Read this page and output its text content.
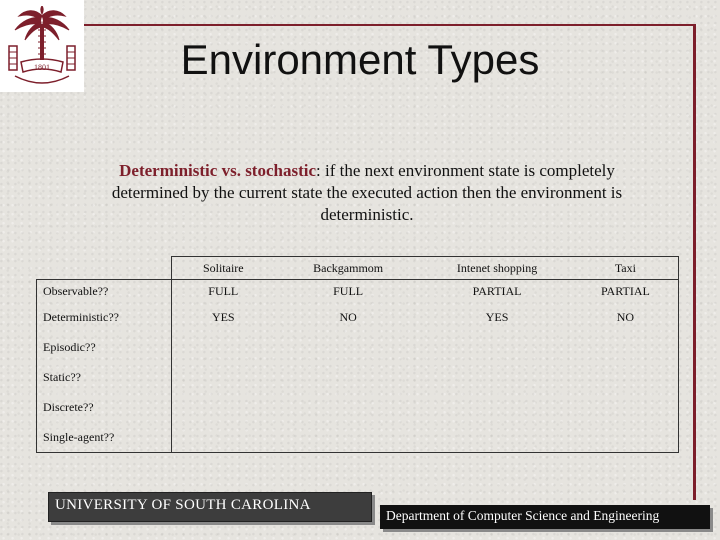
1801	Environment Types
Deterministic vs. stochastic: if the next environment state is completely determined by the current state the executed action then the environment is deterministic.
	Solitaire	Backgammom	Intenet shopping	Taxi
Observable??	FULL	FULL	PARTIAL	PARTIAL
Deterministic??	YES	NO	YES	NO
Episodic??				
Static??				
Discrete??				
Single-agent??				
UNIVERSITY OF SOUTH CAROLINA
Department of Computer Science and Engineering
